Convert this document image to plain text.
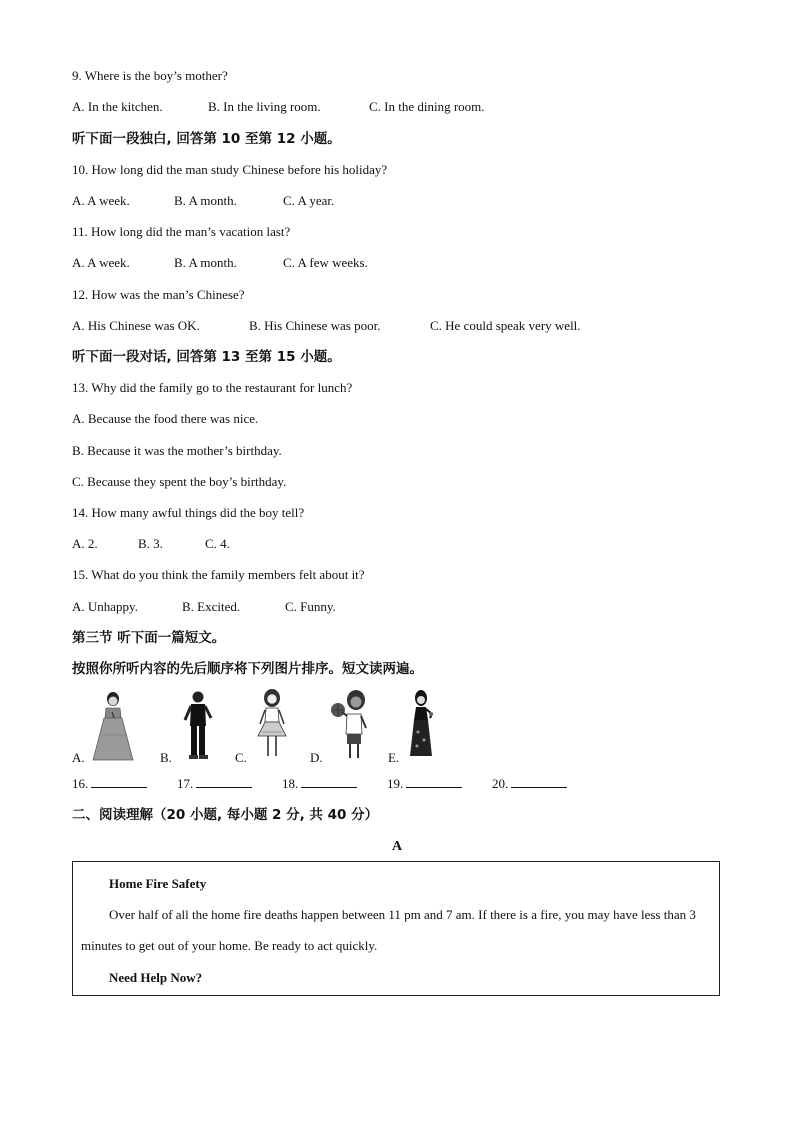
9. Where is the boy’s mother?
A. In the kitchen.	B. In the living room.	C. In the dining room.
听下面一段独白, 回答第 10 至第 12 小题。
10. How long did the man study Chinese before his holiday?
A. A week.	B. A month.	C. A year.
11. How long did the man’s vacation last?
A. A week.	B. A month.	C. A few weeks.
12. How was the man’s Chinese?
A. His Chinese was OK.	B. His Chinese was poor.	C. He could speak very well.
听下面一段对话, 回答第 13 至第 15 小题。
13. Why did the family go to the restaurant for lunch?
A. Because the food there was nice.
B. Because it was the mother’s birthday.
C. Because they spent the boy’s birthday.
14. How many awful things did the boy tell?
A. 2.	B. 3.	C. 4.
15. What do you think the family members felt about it?
A. Unhappy.	B. Excited.	C. Funny.
第三节 听下面一篇短文。
按照你所听内容的先后顺序将下列图片排序。短文读两遍。
A.	B.	C.	D.	E.
16.	17.	18.	19.	20.
二、阅读理解（20 小题, 每小题 2 分, 共 40 分）
A
Home Fire Safety
Over half of all the home fire deaths happen between 11 pm and 7 am. If there is a fire, you may have less than 3 minutes to get out of your home. Be ready to act quickly.
Need Help Now?
